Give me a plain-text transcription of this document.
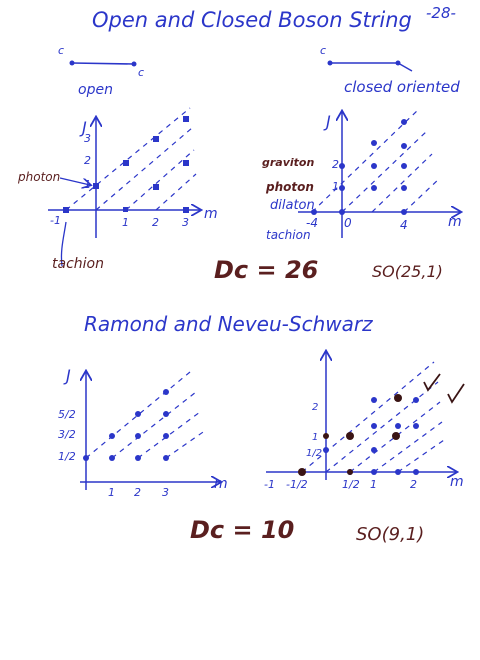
Open and Closed Boson String -28-
c
c
open
c
closed oriented
J
1
2
3
-1	1 2 3
m
photon
tachion
J
1
2
-4 0	4	m
graviton
photon
dilaton
tachion
Dc = 26	SO(25,1)
Ramond and Neveu-Schwarz
J
1/2
3/2
5/2
1 2 3
m
1/2
1
2
-1 -1/2	1/2 1	2 m
Dc = 10	SO(9,1)
